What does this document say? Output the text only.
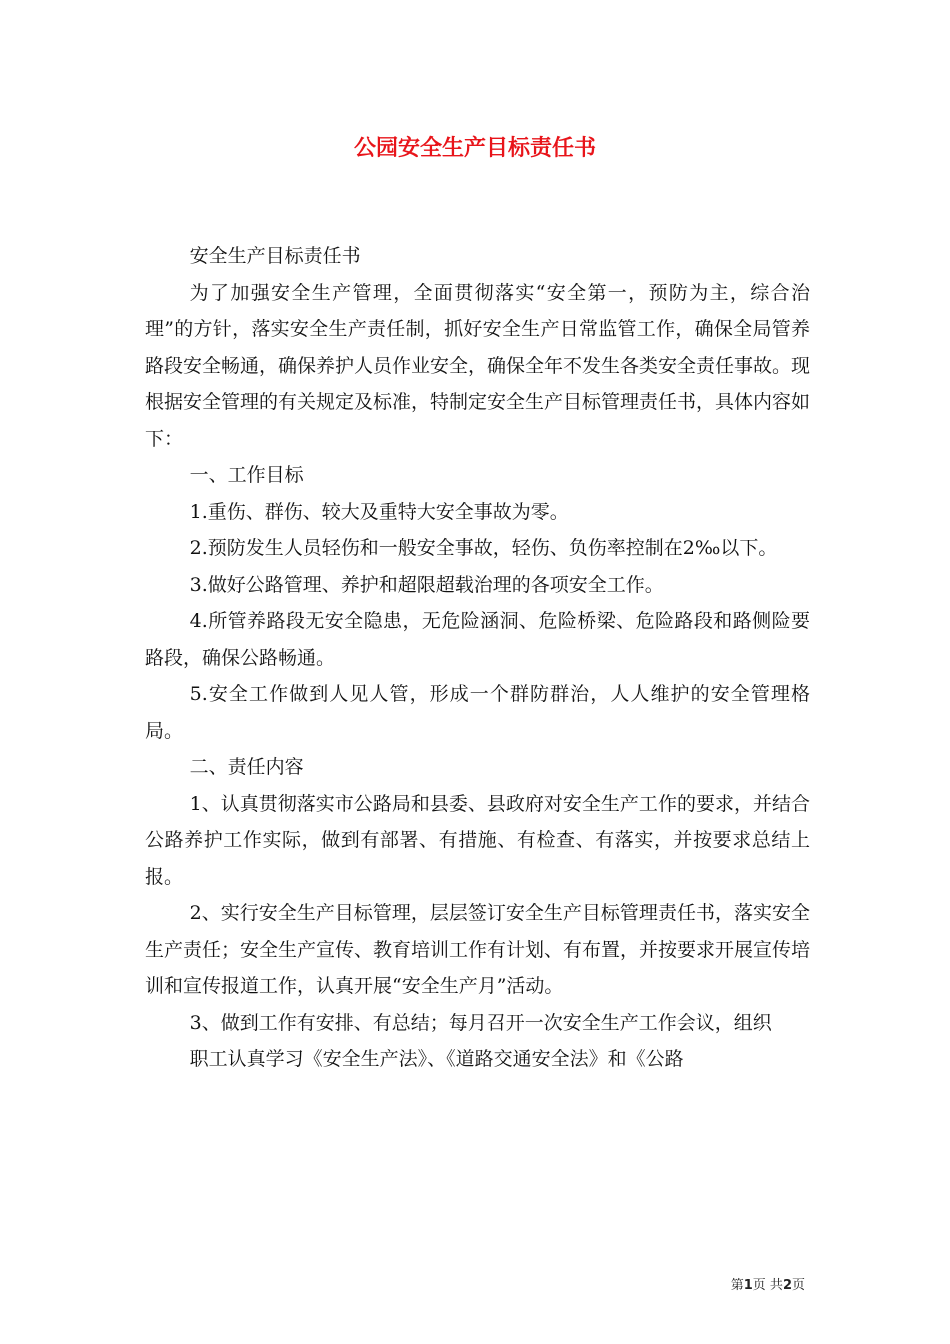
公园安全生产目标责任书

安全生产目标责任书

为了加强安全生产管理，全面贯彻落实“安全第一，预防为主，综合治理”的方针，落实安全生产责任制，抓好安全生产日常监管工作，确保全局管养路段安全畅通，确保养护人员作业安全，确保全年不发生各类安全责任事故。现根据安全管理的有关规定及标准，特制定安全生产目标管理责任书，具体内容如下：

一、工作目标

1.重伤、群伤、较大及重特大安全事故为零。

2.预防发生人员轻伤和一般安全事故，轻伤、负伤率控制在2‰以下。

3.做好公路管理、养护和超限超载治理的各项安全工作。

4.所管养路段无安全隐患，无危险涵洞、危险桥梁、危险路段和路侧险要路段，确保公路畅通。

5.安全工作做到人见人管，形成一个群防群治，人人维护的安全管理格局。

二、责任内容

1、认真贯彻落实市公路局和县委、县政府对安全生产工作的要求，并结合公路养护工作实际，做到有部署、有措施、有检查、有落实，并按要求总结上报。

2、实行安全生产目标管理，层层签订安全生产目标管理责任书，落实安全生产责任；安全生产宣传、教育培训工作有计划、有布置，并按要求开展宣传培训和宣传报道工作，认真开展“安全生产月”活动。

3、做到工作有安排、有总结；每月召开一次安全生产工作会议，组织

职工认真学习《安全生产法》、《道路交通安全法》和《公路

第1页 共2页
